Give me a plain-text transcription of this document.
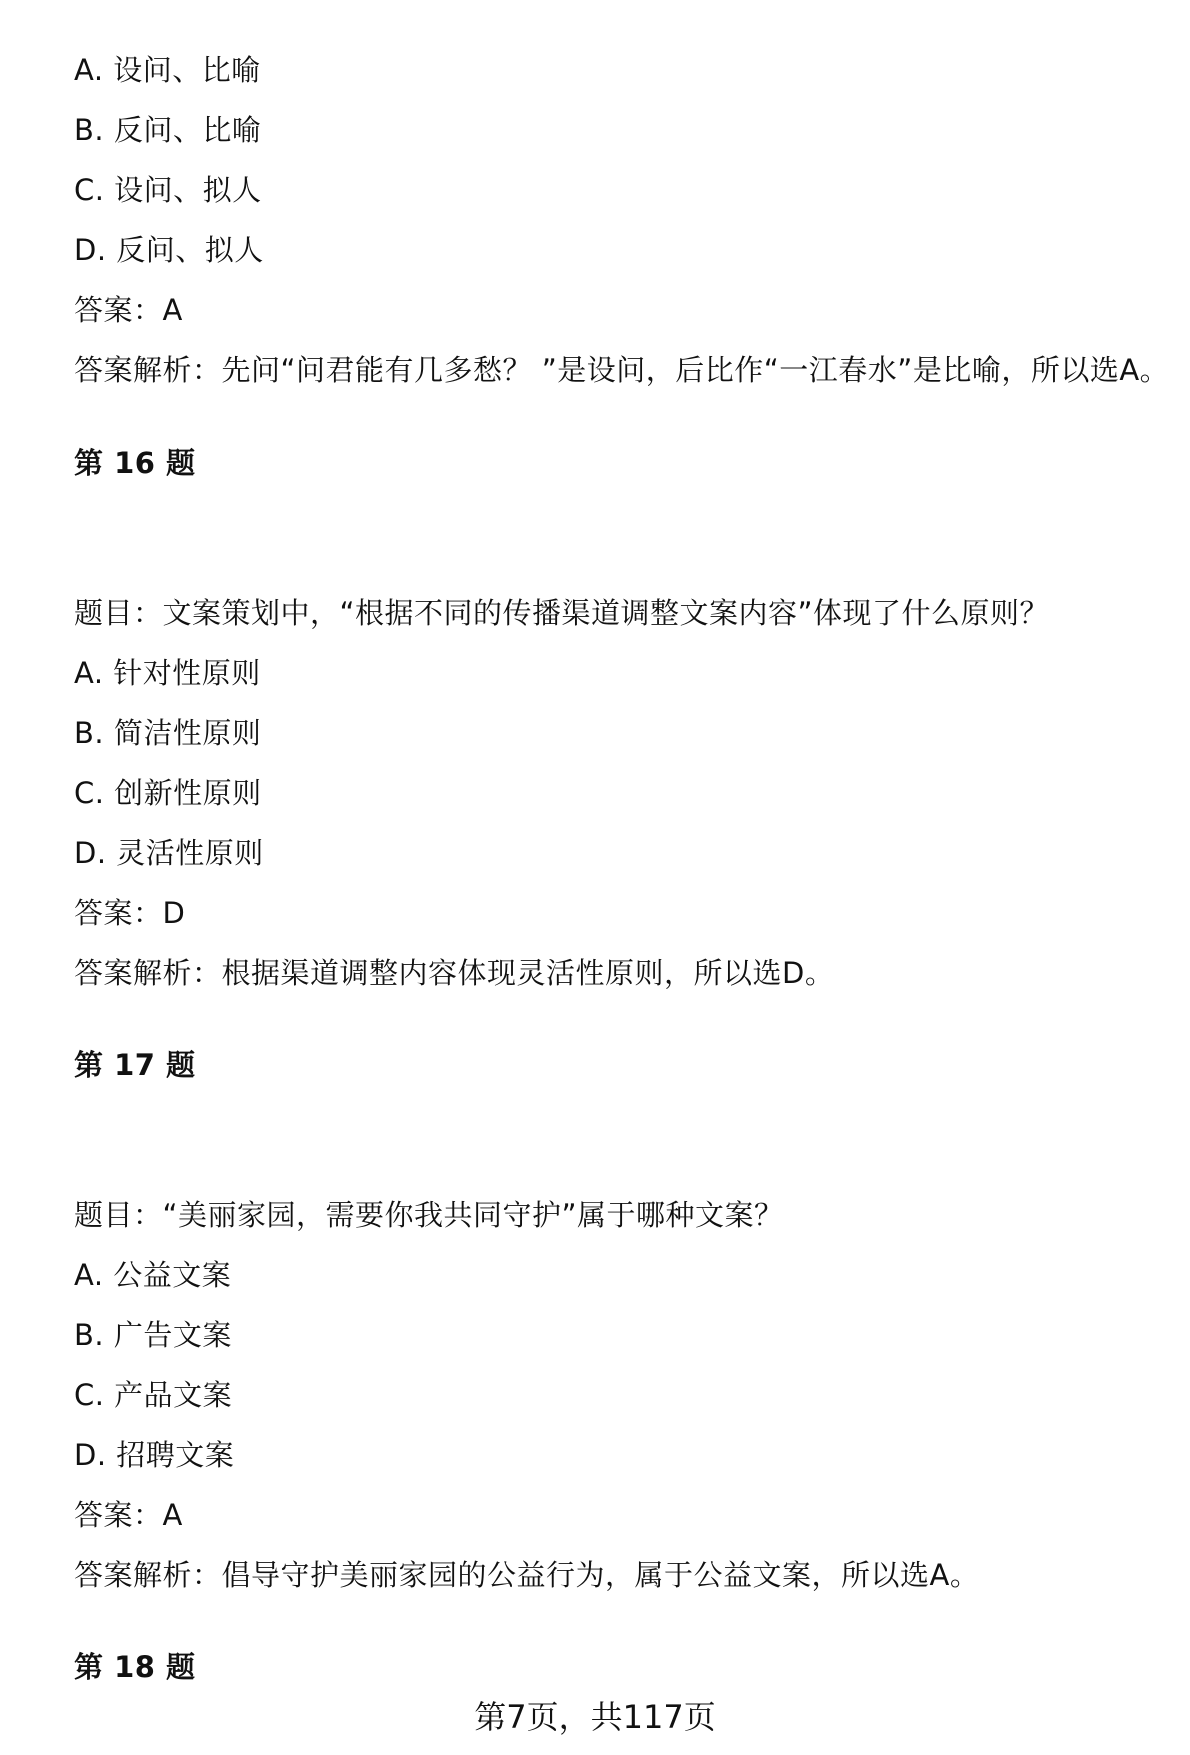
A. 设问、比喻
B. 反问、比喻
C. 设问、拟人
D. 反问、拟人
答案：A
答案解析：先问“问君能有几多愁？ ”是设问，后比作“一江春水”是比喻，所以选A。
第 16 题
题目：文案策划中，“根据不同的传播渠道调整文案内容”体现了什么原则？
A. 针对性原则
B. 简洁性原则
C. 创新性原则
D. 灵活性原则
答案：D
答案解析：根据渠道调整内容体现灵活性原则，所以选D。
第 17 题
题目：“美丽家园，需要你我共同守护”属于哪种文案？
A. 公益文案
B. 广告文案
C. 产品文案
D. 招聘文案
答案：A
答案解析：倡导守护美丽家园的公益行为，属于公益文案，所以选A。
第 18 题
第7页，共117页
